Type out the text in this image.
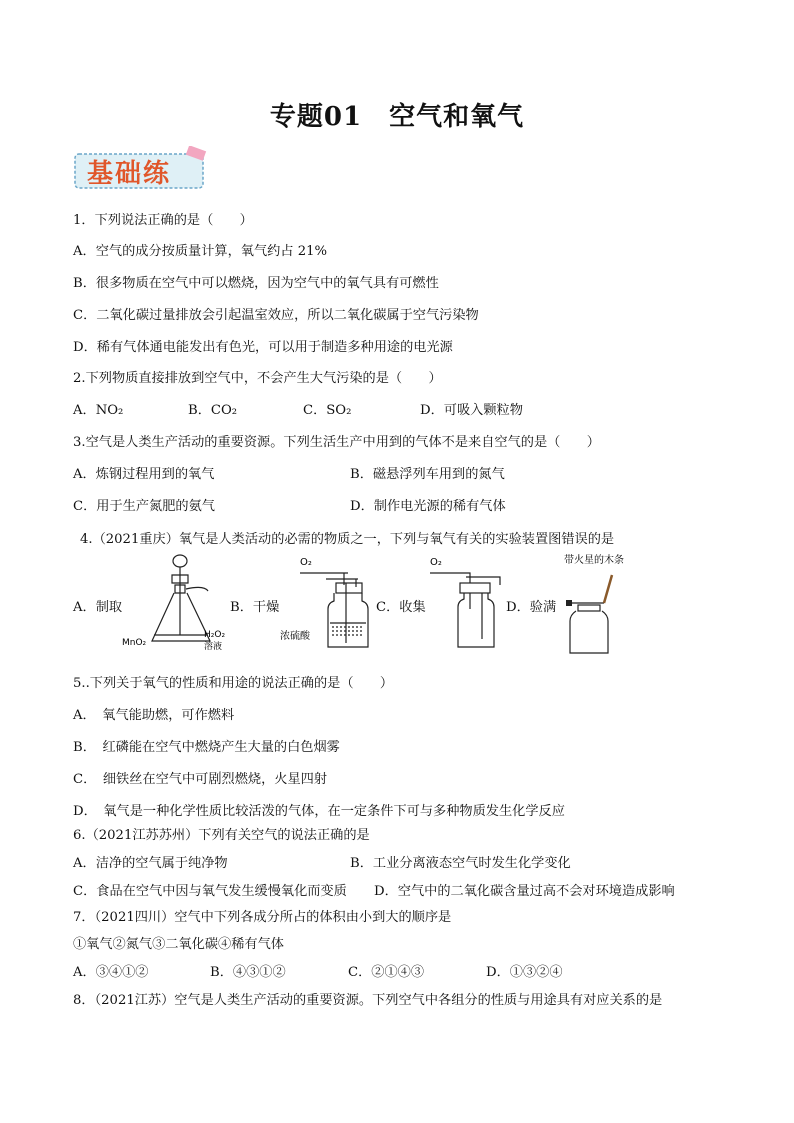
专题01　空气和氧气
基础练
1．下列说法正确的是（　　）
A．空气的成分按质量计算，氧气约占 21%
B．很多物质在空气中可以燃烧，因为空气中的氧气具有可燃性
C．二氧化碳过量排放会引起温室效应，所以二氧化碳属于空气污染物
D．稀有气体通电能发出有色光，可以用于制造多种用途的电光源
2.下列物质直接排放到空气中，不会产生大气污染的是（　　）
A．NO₂	B．CO₂	C．SO₂	D．可吸入颗粒物
3.空气是人类生产活动的重要资源。下列生活生产中用到的气体不是来自空气的是（　　）
A．炼钢过程用到的氧气	B．磁悬浮列车用到的氮气
C．用于生产氮肥的氨气	D．制作电光源的稀有气体
4.（2021重庆）氧气是人类活动的必需的物质之一，下列与氧气有关的实验装置图错误的是
A．制取	B．干燥	C．收集	D．验满
MnO₂
H₂O₂
溶液
O₂
浓硫酸
O₂	带火星的木条
5..下列关于氧气的性质和用途的说法正确的是（　　）
A．　氧气能助燃，可作燃料
B．　红磷能在空气中燃烧产生大量的白色烟雾
C．　细铁丝在空气中可剧烈燃烧，火星四射
D．　氧气是一种化学性质比较活泼的气体，在一定条件下可与多种物质发生化学反应
6.（2021江苏苏州）下列有关空气的说法正确的是
A．洁净的空气属于纯净物	B．工业分离液态空气时发生化学变化
C．食品在空气中因与氧气发生缓慢氧化而变质 D．空气中的二氧化碳含量过高不会对环境造成影响
7．（2021四川）空气中下列各成分所占的体积由小到大的顺序是
①氧气②氮气③二氧化碳④稀有气体
A．③④①②	B．④③①②	C．②①④③	D．①③②④
8．（2021江苏）空气是人类生产活动的重要资源。下列空气中各组分的性质与用途具有对应关系的是
